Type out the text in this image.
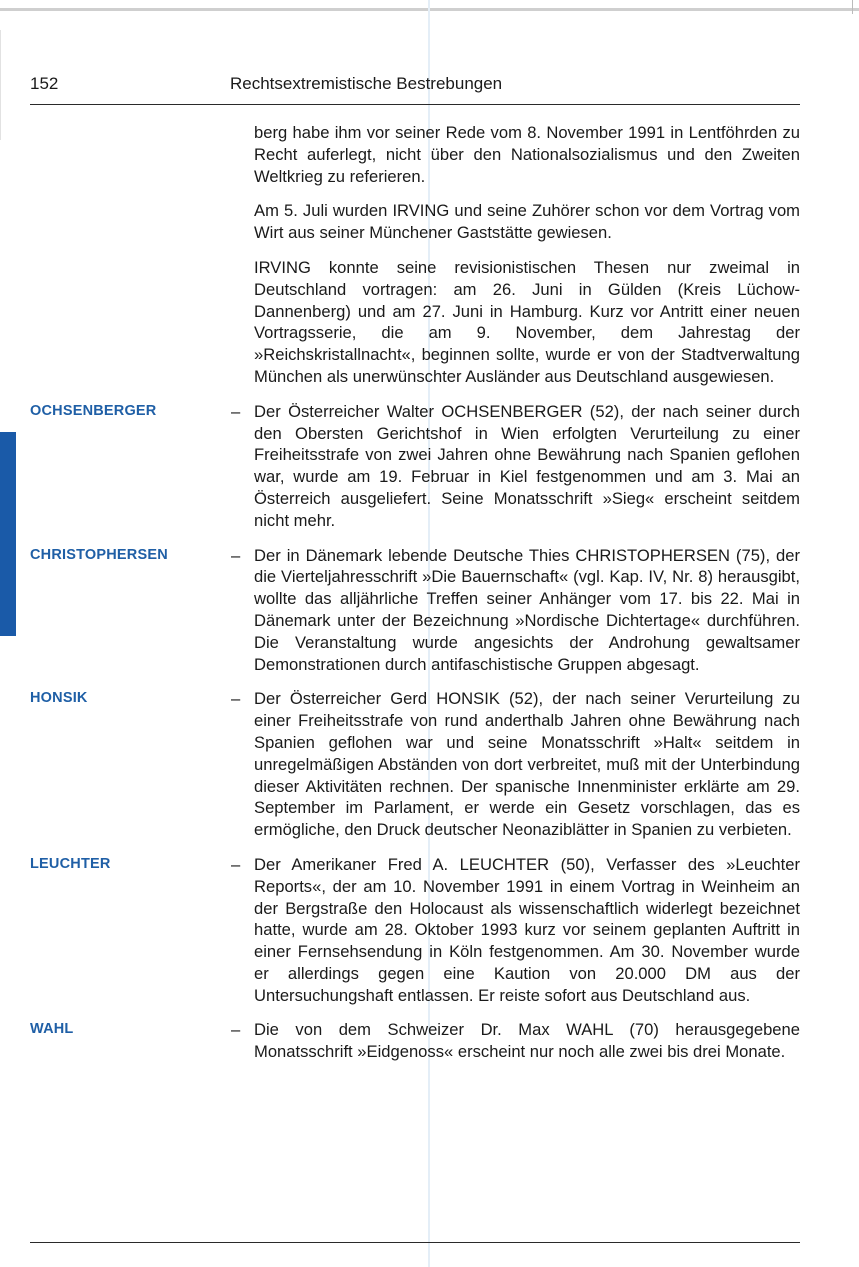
152	Rechtsextremistische Bestrebungen

berg habe ihm vor seiner Rede vom 8. November 1991 in Lentföhrden zu Recht auferlegt, nicht über den Nationalsozialismus und den Zweiten Weltkrieg zu referieren.

Am 5. Juli wurden IRVING und seine Zuhörer schon vor dem Vortrag vom Wirt aus seiner Münchener Gaststätte gewiesen.

IRVING konnte seine revisionistischen Thesen nur zweimal in Deutschland vortragen: am 26. Juni in Gülden (Kreis Lüchow-Dannenberg) und am 27. Juni in Hamburg. Kurz vor Antritt einer neuen Vortragsserie, die am 9. November, dem Jahrestag der »Reichskristallnacht«, beginnen sollte, wurde er von der Stadtverwaltung München als unerwünschter Ausländer aus Deutschland ausgewiesen.

OCHSENBERGER	– Der Österreicher Walter OCHSENBERGER (52), der nach seiner durch den Obersten Gerichtshof in Wien erfolgten Verurteilung zu einer Freiheitsstrafe von zwei Jahren ohne Bewährung nach Spanien geflohen war, wurde am 19. Februar in Kiel festgenommen und am 3. Mai an Österreich ausgeliefert. Seine Monatsschrift »Sieg« erscheint seitdem nicht mehr.

CHRISTOPHERSEN	– Der in Dänemark lebende Deutsche Thies CHRISTOPHERSEN (75), der die Vierteljahresschrift »Die Bauernschaft« (vgl. Kap. IV, Nr. 8) herausgibt, wollte das alljährliche Treffen seiner Anhänger vom 17. bis 22. Mai in Dänemark unter der Bezeichnung »Nordische Dichtertage« durchführen. Die Veranstaltung wurde angesichts der Androhung gewaltsamer Demonstrationen durch antifaschistische Gruppen abgesagt.

HONSIK	– Der Österreicher Gerd HONSIK (52), der nach seiner Verurteilung zu einer Freiheitsstrafe von rund anderthalb Jahren ohne Bewährung nach Spanien geflohen war und seine Monatsschrift »Halt« seitdem in unregelmäßigen Abständen von dort verbreitet, muß mit der Unterbindung dieser Aktivitäten rechnen. Der spanische Innenminister erklärte am 29. September im Parlament, er werde ein Gesetz vorschlagen, das es ermögliche, den Druck deutscher Neonaziblätter in Spanien zu verbieten.

LEUCHTER	– Der Amerikaner Fred A. LEUCHTER (50), Verfasser des »Leuchter Reports«, der am 10. November 1991 in einem Vortrag in Weinheim an der Bergstraße den Holocaust als wissenschaftlich widerlegt bezeichnet hatte, wurde am 28. Oktober 1993 kurz vor seinem geplanten Auftritt in einer Fernsehsendung in Köln festgenommen. Am 30. November wurde er allerdings gegen eine Kaution von 20.000 DM aus der Untersuchungshaft entlassen. Er reiste sofort aus Deutschland aus.

WAHL	– Die von dem Schweizer Dr. Max WAHL (70) herausgegebene Monatsschrift »Eidgenoss« erscheint nur noch alle zwei bis drei Monate.
